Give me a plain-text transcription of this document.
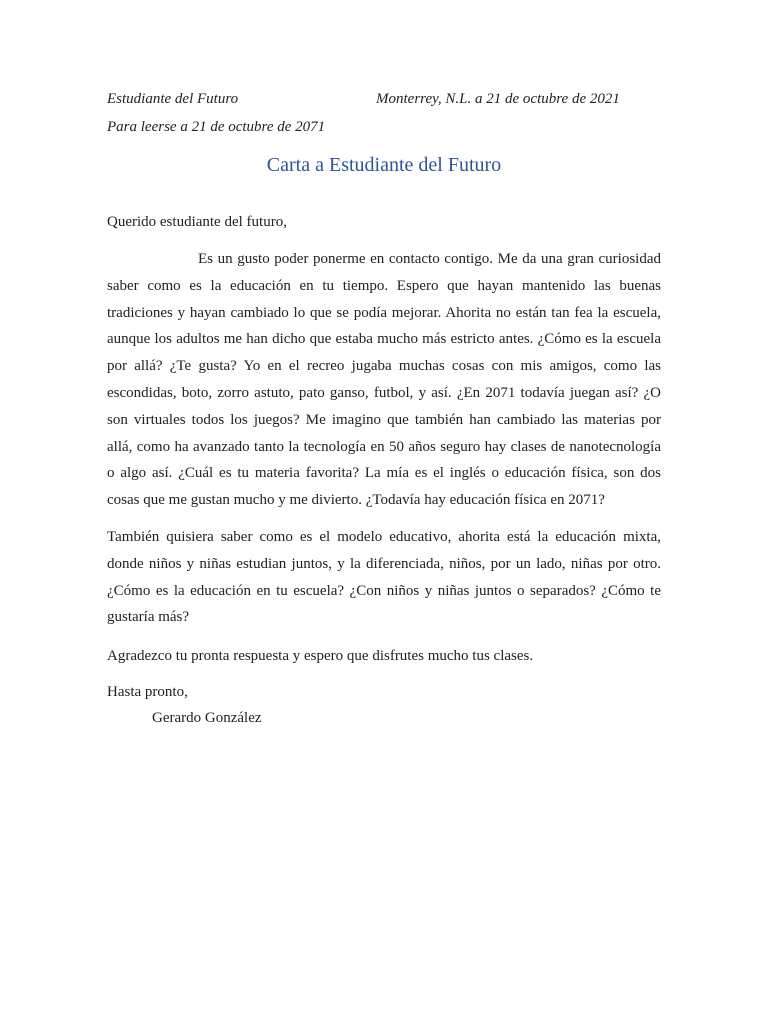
Estudiante del Futuro	Monterrey, N.L. a 21 de octubre de 2021
Para leerse a 21 de octubre de 2071
Carta a Estudiante del Futuro
Querido estudiante del futuro,
Es un gusto poder ponerme en contacto contigo. Me da una gran curiosidad
saber como es la educación en tu tiempo. Espero que hayan mantenido las buenas
tradiciones y hayan cambiado lo que se podía mejorar. Ahorita no están tan fea la escuela,
aunque los adultos me han dicho que estaba mucho más estricto antes. ¿Cómo es la escuela
por allá? ¿Te gusta? Yo en el recreo jugaba muchas cosas con mis amigos, como las
escondidas, boto, zorro astuto, pato ganso, futbol, y así. ¿En 2071 todavía juegan así? ¿O
son virtuales todos los juegos? Me imagino que también han cambiado las materias por
allá, como ha avanzado tanto la tecnología en 50 años seguro hay clases de nanotecnología
o algo así. ¿Cuál es tu materia favorita? La mía es el inglés o educación física, son dos
cosas que me gustan mucho y me divierto. ¿Todavía hay educación física en 2071?
También quisiera saber como es el modelo educativo, ahorita está la educación mixta,
donde niños y niñas estudian juntos, y la diferenciada, niños, por un lado, niñas por otro.
¿Cómo es la educación en tu escuela? ¿Con niños y niñas juntos o separados? ¿Cómo te
gustaría más?
Agradezco tu pronta respuesta y espero que disfrutes mucho tus clases.
Hasta pronto,
Gerardo González
